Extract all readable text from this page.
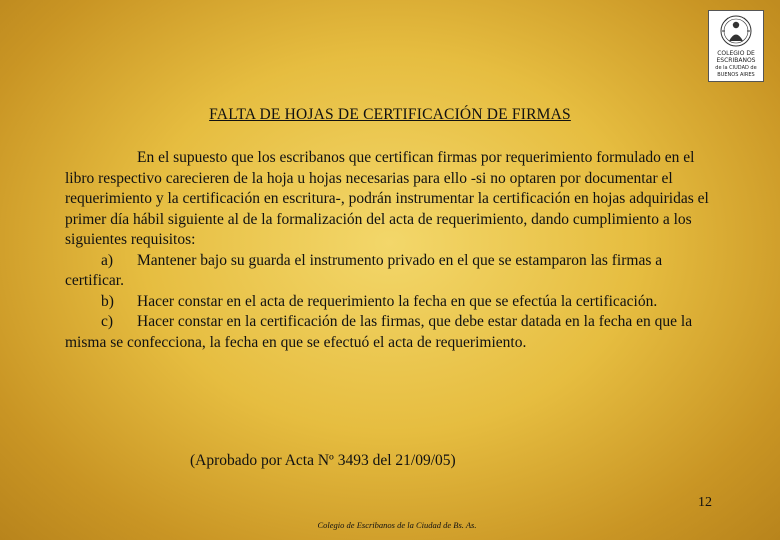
COLEGIO DE
ESCRIBANOS
de la CIUDAD de
BUENOS AIRES
FALTA DE HOJAS DE CERTIFICACIÓN DE FIRMAS

En el supuesto que los escribanos que certifican firmas por requerimiento formulado en el libro respectivo carecieren de la hoja u hojas necesarias para ello -si no optaren por documentar el requerimiento y la certificación en escritura-, podrán instrumentar la certificación en hojas adquiridas el primer día hábil siguiente al de la formalización del acta de requerimiento, dando cumplimiento a los siguientes requisitos:

a) Mantener bajo su guarda el instrumento privado en el que se estamparon las firmas a certificar.

b) Hacer constar en el acta de requerimiento la fecha en que se efectúa la certificación.

c) Hacer constar en la certificación de las firmas, que debe estar datada en la fecha en que la misma se confecciona, la fecha en que se efectuó el acta de requerimiento.

(Aprobado por Acta Nº 3493 del 21/09/05)
12
Colegio de Escribanos de la Ciudad de Bs. As.
